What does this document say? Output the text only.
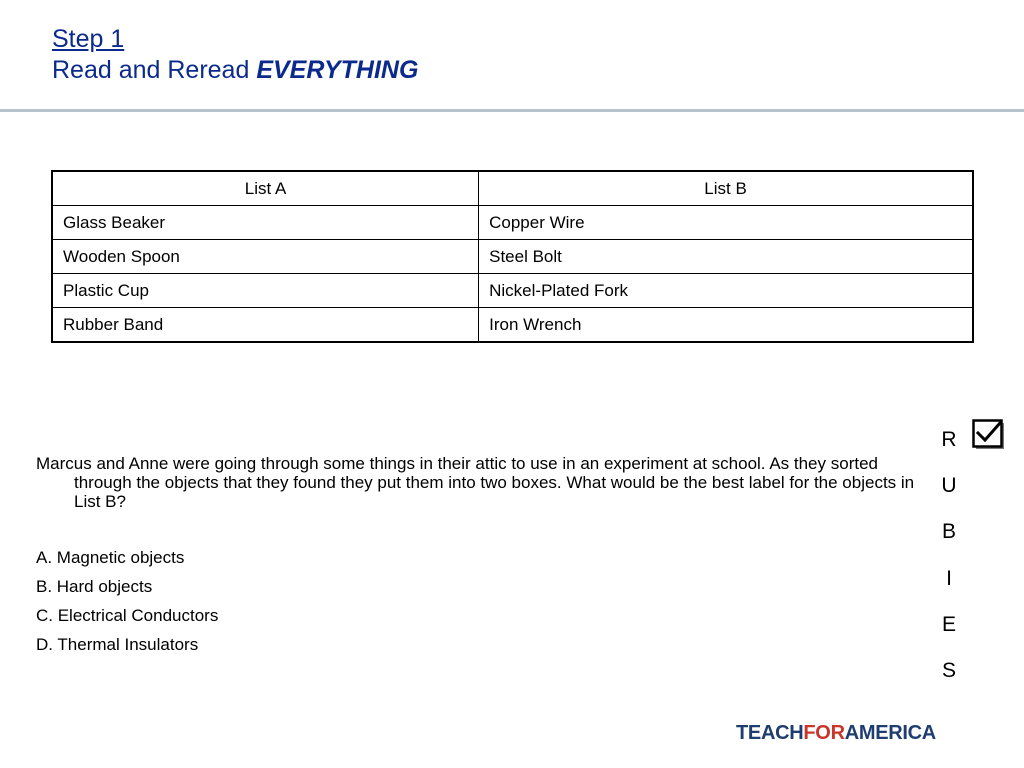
Step 1
Read and Reread EVERYTHING
List A	List B
Glass Beaker	Copper Wire
Wooden Spoon	Steel Bolt
Plastic Cup	Nickel-Plated Fork
Rubber Band	Iron Wrench
Marcus and Anne were going through some things in their attic to use in an experiment at school. As they sorted through the objects that they found they put them into two boxes. What would be the best label for the objects in List B?
A. Magnetic objects
B. Hard objects
C. Electrical Conductors
D. Thermal Insulators
R
U
B
I
E
S
TEACHFORAMERICA
